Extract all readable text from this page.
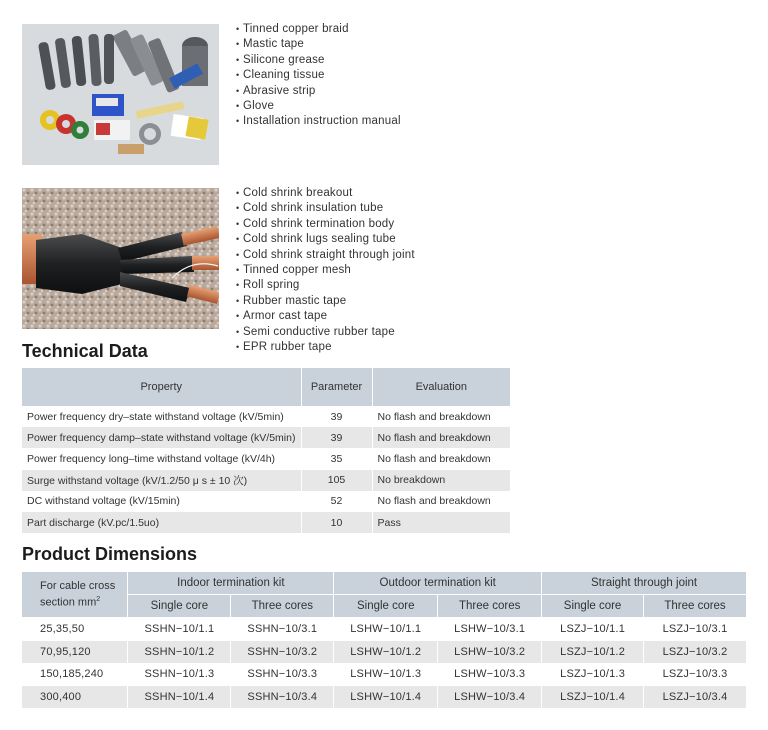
• Tinned copper braid
• Mastic tape
• Silicone grease
• Cleaning tissue
• Abrasive strip
• Glove
• Installation instruction manual
• Cold shrink breakout
• Cold shrink insulation tube
• Cold shrink termination body
• Cold shrink lugs sealing tube
• Cold shrink straight through joint
• Tinned copper mesh
• Roll spring
• Rubber mastic tape
• Armor cast tape
• Semi conductive rubber tape
• EPR rubber tape
Technical Data
Property	Parameter	Evaluation
Power frequency dry–state withstand voltage (kV/5min)	39	No flash and breakdown
Power frequency damp–state withstand voltage (kV/5min)	39	No flash and breakdown
Power frequency long–time withstand voltage (kV/4h)	35	No flash and breakdown
Surge withstand voltage (kV/1.2/50 μ s ± 10 次)	105	No breakdown
DC withstand voltage (kV/15min)	52	No flash and breakdown
Part discharge (kV.pc/1.5uo)	10	Pass
Product Dimensions
For cable cross
section $mm^2$	Indoor termination kit		Outdoor termination kit		Straight through joint	
	Single core	Three cores	Single core	Three cores	Single core	Three cores
25,35,50	SSHN−10/1.1	SSHN−10/3.1	LSHW−10/1.1	LSHW−10/3.1	LSZJ−10/1.1	LSZJ−10/3.1
70,95,120	SSHN−10/1.2	SSHN−10/3.2	LSHW−10/1.2	LSHW−10/3.2	LSZJ−10/1.2	LSZJ−10/3.2
150,185,240	SSHN−10/1.3	SSHN−10/3.3	LSHW−10/1.3	LSHW−10/3.3	LSZJ−10/1.3	LSZJ−10/3.3
300,400	SSHN−10/1.4	SSHN−10/3.4	LSHW−10/1.4	LSHW−10/3.4	LSZJ−10/1.4	LSZJ−10/3.4
